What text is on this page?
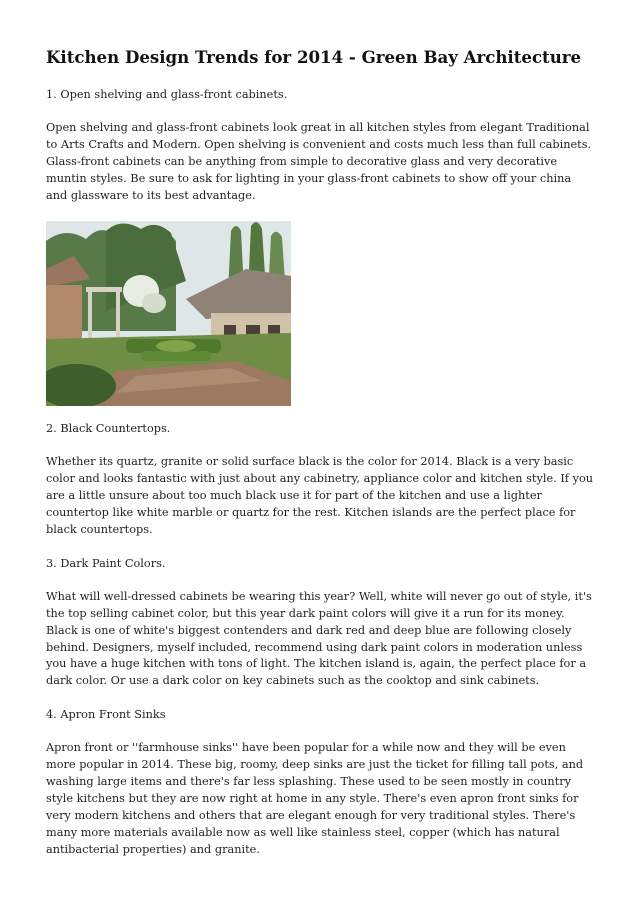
Kitchen Design Trends for 2014 - Green Bay Architecture

1. Open shelving and glass-front cabinets.

Open shelving and glass-front cabinets look great in all kitchen styles from elegant Traditional to Arts Crafts and Modern. Open shelving is convenient and costs much less than full cabinets. Glass-front cabinets can be anything from simple to decorative glass and very decorative muntin styles. Be sure to ask for lighting in your glass-front cabinets to show off your china and glassware to its best advantage.

2. Black Countertops.

Whether its quartz, granite or solid surface black is the color for 2014. Black is a very basic color and looks fantastic with just about any cabinetry, appliance color and kitchen style. If you are a little unsure about too much black use it for part of the kitchen and use a lighter countertop like white marble or quartz for the rest. Kitchen islands are the perfect place for black countertops.

3. Dark Paint Colors.

What will well-dressed cabinets be wearing this year? Well, white will never go out of style, it's the top selling cabinet color, but this year dark paint colors will give it a run for its money. Black is one of white's biggest contenders and dark red and deep blue are following closely behind. Designers, myself included, recommend using dark paint colors in moderation unless you have a huge kitchen with tons of light. The kitchen island is, again, the perfect place for a dark color. Or use a dark color on key cabinets such as the cooktop and sink cabinets.

4. Apron Front Sinks

Apron front or ''farmhouse sinks'' have been popular for a while now and they will be even more popular in 2014. These big, roomy, deep sinks are just the ticket for filling tall pots, and washing large items and there's far less splashing. These used to be seen mostly in country style kitchens but they are now right at home in any style. There's even apron front sinks for very modern kitchens and others that are elegant enough for very traditional styles. There's many more materials available now as well like stainless steel, copper (which has natural antibacterial properties) and granite.
